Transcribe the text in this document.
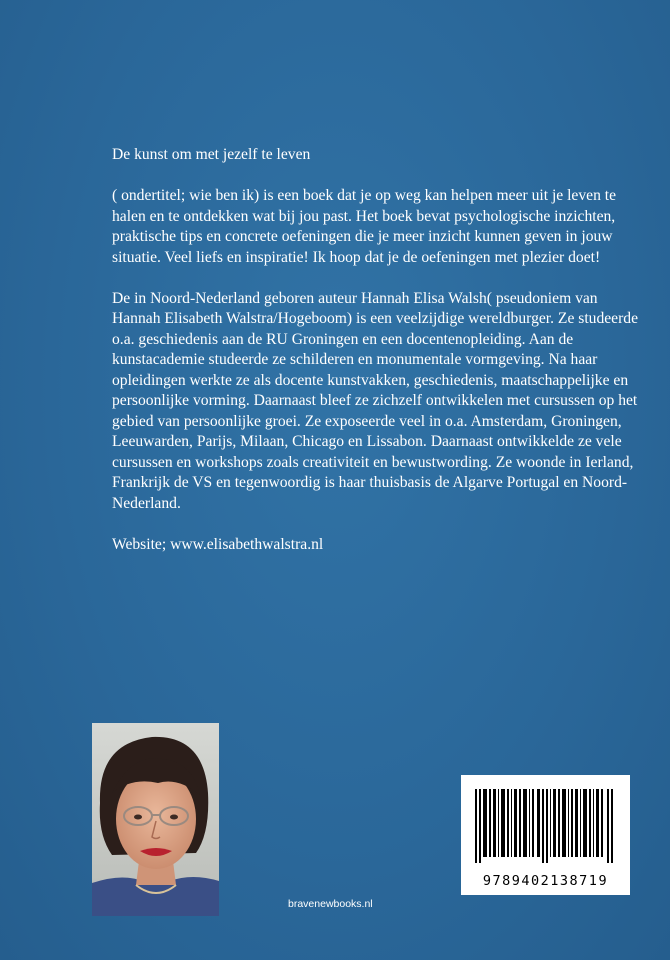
De kunst om met jezelf te leven

( ondertitel; wie ben ik) is een boek dat je op weg kan helpen meer uit je leven te halen en te ontdekken wat bij jou past. Het boek bevat psychologische inzichten, praktische tips en concrete oefeningen die je meer inzicht kunnen geven in jouw situatie. Veel liefs en inspiratie! Ik hoop dat je de oefeningen met plezier doet!

De in Noord-Nederland geboren auteur Hannah Elisa Walsh( pseudoniem van Hannah Elisabeth Walstra/Hogeboom) is een veelzijdige wereldburger. Ze studeerde o.a. geschiedenis aan de RU Groningen en een docentenopleiding. Aan de kunstacademie studeerde ze schilderen en monumentale vormgeving. Na haar opleidingen werkte ze als docente kunstvakken, geschiedenis, maatschappelijke en persoonlijke vorming. Daarnaast bleef ze zichzelf ontwikkelen met cursussen op het gebied van persoonlijke groei. Ze exposeerde veel in o.a. Amsterdam, Groningen, Leeuwarden, Parijs, Milaan, Chicago en Lissabon. Daarnaast ontwikkelde ze vele cursussen en workshops zoals creativiteit en bewustwording. Ze woonde in Ierland, Frankrijk de VS en tegenwoordig is haar thuisbasis de Algarve Portugal en Noord- Nederland.

Website; www.elisabethwalstra.nl

9789402138719
bravenewbooks.nl
